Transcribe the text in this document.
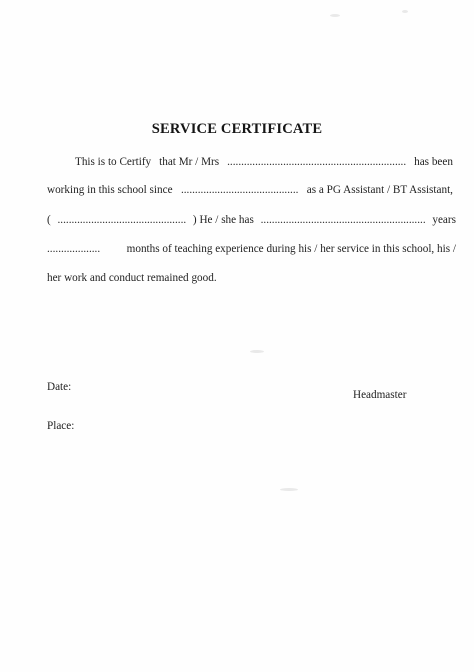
SERVICE CERTIFICATE
This is to Certify that Mr / Mrs ................................................................ has been
working in this school since .......................................... as a PG Assistant / BT Assistant,
( .............................................. ) He / she has ........................................................... years
................... months of teaching experience during his / her service in this school, his /
her work and conduct remained good.
Date:
Place:
Headmaster
